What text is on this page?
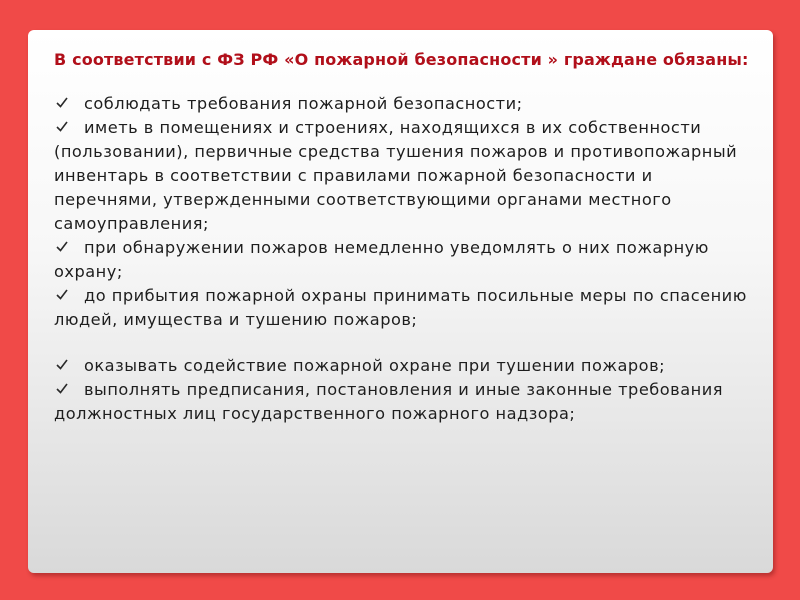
В соответствии с ФЗ РФ «О пожарной безопасности » граждане обязаны:

соблюдать требования пожарной безопасности;
иметь в помещениях и строениях, находящихся в их собственности (пользовании), первичные средства тушения пожаров и противопожарный инвентарь в соответствии с правилами пожарной безопасности и перечнями, утвержденными соответствующими органами местного самоуправления;
при обнаружении пожаров немедленно уведомлять о них пожарную охрану;
до прибытия пожарной охраны принимать посильные меры по спасению людей, имущества и тушению пожаров;
оказывать содействие пожарной охране при тушении пожаров;
выполнять предписания, постановления и иные законные требования должностных лиц государственного пожарного надзора;
